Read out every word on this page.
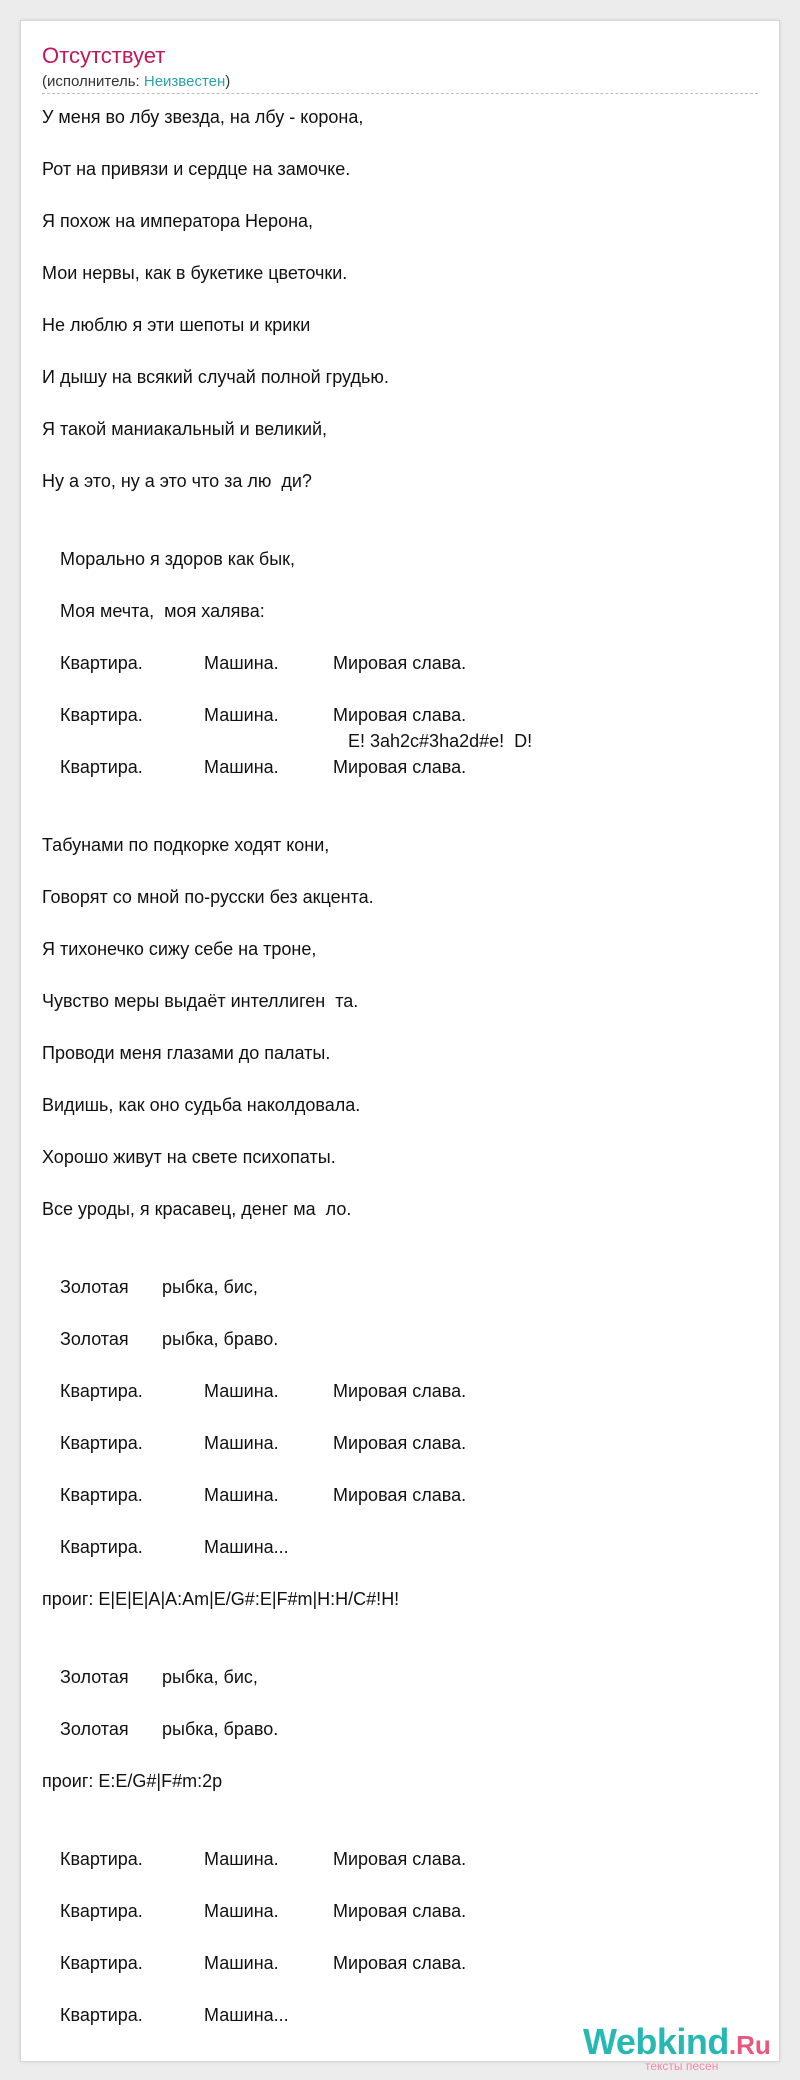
Отсутствует
(исполнитель: Неизвестен)
У меня во лбу звезда, на лбу - корона,
Рот на привязи и сердце на замочке.
Я похож на императора Нерона,
Мои нервы, как в букетике цветочки.
Не люблю я эти шепоты и крики
И дышу на всякий случай полной грудью.
Я такой маниакальный и великий,
Ну а это, ну а это что за лю  ди?
Морально я здоров как бык,
Моя мечта,  моя халява:
Квартира.	Машина.	Мировая слава.
Квартира.	Машина.	Мировая слава.
E! 3ah2c#3ha2d#e!  D!
Квартира.	Машина.	Мировая слава.
Табунами по подкорке ходят кони,
Говорят со мной по-русски без акцента.
Я тихонечко сижу себе на троне,
Чувство меры выдаёт интеллиген  та.
Проводи меня глазами до палаты.
Видишь, как оно судьба наколдовала.
Хорошо живут на свете психопаты.
Все уроды, я красавец, денег ма  ло.
Золотая рыбка, бис,
Золотая рыбка, браво.
Квартира.	Машина.	Мировая слава.
Квартира.	Машина.	Мировая слава.
Квартира.	Машина.	Мировая слава.
Квартира.	Машина...
проиг: E|E|E|A|A:Am|E/G#:E|F#m|H:H/C#!H!
Золотая рыбка, бис,
Золотая рыбка, браво.
проиг: E:E/G#|F#m:2p
Квартира.	Машина.	Мировая слава.
Квартира.	Машина.	Мировая слава.
Квартира.	Машина.	Мировая слава.
Квартира.	Машина...
Webkind.Ru
тексты песен
